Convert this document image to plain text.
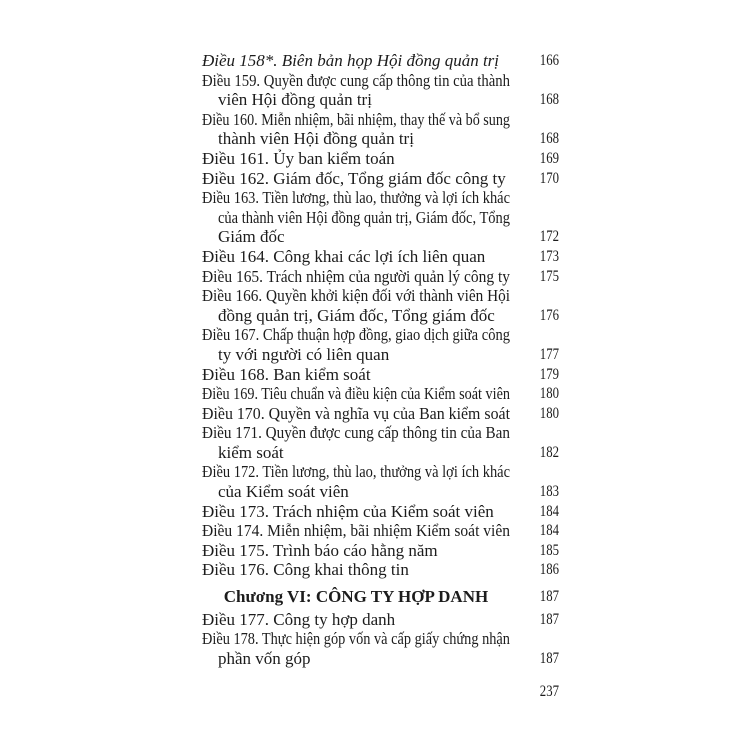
Điều 158*. Biên bản họp Hội đồng quản trị	166
Điều 159. Quyền được cung cấp thông tin của thành
viên Hội đồng quản trị	168
Điều 160. Miễn nhiệm, bãi nhiệm, thay thế và bổ sung
thành viên Hội đồng quản trị	168
Điều 161. Ủy ban kiểm toán	169
Điều 162. Giám đốc, Tổng giám đốc công ty 170
Điều 163. Tiền lương, thù lao, thưởng và lợi ích khác
của thành viên Hội đồng quản trị, Giám đốc, Tổng
Giám đốc	172
Điều 164. Công khai các lợi ích liên quan	173
Điều 165. Trách nhiệm của người quản lý công ty 175
Điều 166. Quyền khởi kiện đối với thành viên Hội
đồng quản trị, Giám đốc, Tổng giám đốc	176
Điều 167. Chấp thuận hợp đồng, giao dịch giữa công
ty với người có liên quan	177
Điều 168. Ban kiểm soát	179
Điều 169. Tiêu chuẩn và điều kiện của Kiểm soát viên 180
Điều 170. Quyền và nghĩa vụ của Ban kiểm soát 180
Điều 171. Quyền được cung cấp thông tin của Ban
kiểm soát	182
Điều 172. Tiền lương, thù lao, thưởng và lợi ích khác
của Kiểm soát viên	183
Điều 173. Trách nhiệm của Kiểm soát viên	184
Điều 174. Miễn nhiệm, bãi nhiệm Kiểm soát viên 184
Điều 175. Trình báo cáo hằng năm	185
Điều 176. Công khai thông tin	186
Chương VI: CÔNG TY HỢP DANH	187
Điều 177. Công ty hợp danh	187
Điều 178. Thực hiện góp vốn và cấp giấy chứng nhận
phần vốn góp	187
237
